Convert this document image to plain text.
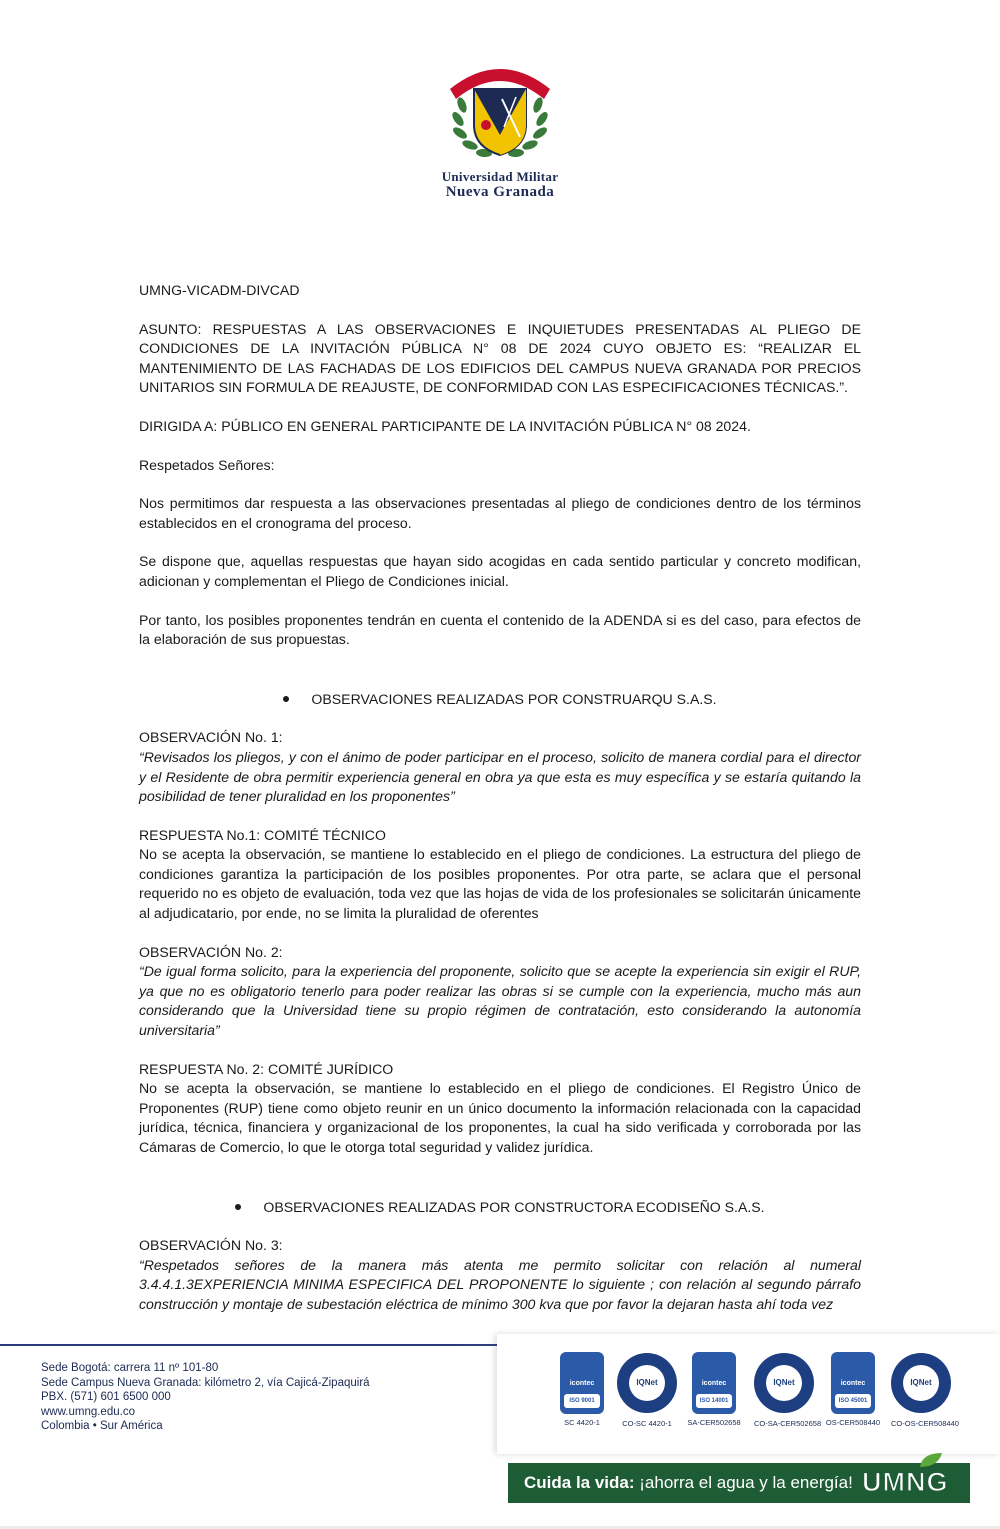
Universidad Militar
Nueva Granada

UMNG-VICADM-DIVCAD

ASUNTO: RESPUESTAS A LAS OBSERVACIONES E INQUIETUDES PRESENTADAS AL PLIEGO DE CONDICIONES DE LA INVITACIÓN PÚBLICA N° 08 DE 2024 CUYO OBJETO ES: “REALIZAR EL MANTENIMIENTO DE LAS FACHADAS DE LOS EDIFICIOS DEL CAMPUS NUEVA GRANADA POR PRECIOS UNITARIOS SIN FORMULA DE REAJUSTE, DE CONFORMIDAD CON LAS ESPECIFICACIONES TÉCNICAS.”.

DIRIGIDA A: PÚBLICO EN GENERAL PARTICIPANTE DE LA INVITACIÓN PÚBLICA N° 08 2024.

Respetados Señores:

Nos permitimos dar respuesta a las observaciones presentadas al pliego de condiciones dentro de los términos establecidos en el cronograma del proceso.

Se dispone que, aquellas respuestas que hayan sido acogidas en cada sentido particular y concreto modifican, adicionan y complementan el Pliego de Condiciones inicial.

Por tanto, los posibles proponentes tendrán en cuenta el contenido de la ADENDA si es del caso, para efectos de la elaboración de sus propuestas.

OBSERVACIONES REALIZADAS POR CONSTRUARQU S.A.S.

OBSERVACIÓN No. 1:

“Revisados los pliegos, y con el ánimo de poder participar en el proceso, solicito de manera cordial para el director y el Residente de obra permitir experiencia general en obra ya que esta es muy específica y se estaría quitando la posibilidad de tener pluralidad en los proponentes”

RESPUESTA No.1: COMITÉ TÉCNICO

No se acepta la observación, se mantiene lo establecido en el pliego de condiciones. La estructura del pliego de condiciones garantiza la participación de los posibles proponentes. Por otra parte, se aclara que el personal requerido no es objeto de evaluación, toda vez que las hojas de vida de los profesionales se solicitarán únicamente al adjudicatario, por ende, no se limita la pluralidad de oferentes

OBSERVACIÓN No. 2:

“De igual forma solicito, para la experiencia del proponente, solicito que se acepte la experiencia sin exigir el RUP, ya que no es obligatorio tenerlo para poder realizar las obras si se cumple con la experiencia, mucho más aun considerando que la Universidad tiene su propio régimen de contratación, esto considerando la autonomía universitaria”

RESPUESTA No. 2: COMITÉ JURÍDICO

No se acepta la observación, se mantiene lo establecido en el pliego de condiciones. El Registro Único de Proponentes (RUP) tiene como objeto reunir en un único documento la información relacionada con la capacidad jurídica, técnica, financiera y organizacional de los proponentes, la cual ha sido verificada y corroborada por las Cámaras de Comercio, lo que le otorga total seguridad y validez jurídica.

OBSERVACIONES REALIZADAS POR CONSTRUCTORA ECODISEÑO S.A.S.

OBSERVACIÓN No. 3:

“Respetados señores de la manera más atenta me permito solicitar con relación al numeral 3.4.4.1.3EXPERIENCIA MINIMA ESPECIFICA DEL PROPONENTE lo siguiente ; con relación al segundo párrafo construcción y montaje de subestación eléctrica de mínimo 300 kva que por favor la dejaran hasta ahí toda vez

Sede Bogotá: carrera 11 nº 101-80
Sede Campus Nueva Granada: kilómetro 2, vía Cajicá-Zipaquirá
PBX. (571) 601 6500 000
www.umng.edu.co
Colombia • Sur América
icontec
ISO 9001
SC 4420-1
IQNet
CO-SC 4420-1
icontec
ISO 14001
SA-CER502658
IQNet
CO-SA-CER502658
icontec
ISO 45001
OS-CER508440
IQNet
CO-OS-CER508440
Cuida la vida: ¡ahorra el agua y la energía! UMNG
